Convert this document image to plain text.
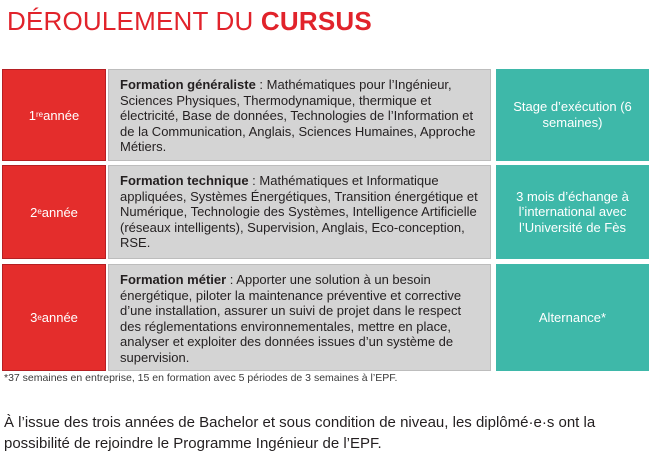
DÉROULEMENT DU CURSUS
1 re année
Formation généraliste : Mathématiques pour l’Ingénieur, Sciences Physiques, Thermodynamique, thermique et électricité, Base de données, Technologies de l’Information et de la Communication, Anglais, Sciences Humaines, Approche Métiers.
Stage d’exécution (6 semaines)
2 e année
Formation technique : Mathématiques et Informatique appliquées, Systèmes Énergétiques, Transition énergétique et Numérique, Technologie des Systèmes, Intelligence Artificielle (réseaux intelligents), Supervision, Anglais, Eco-conception, RSE.
3 mois d’échange à l’international avec l’Université de Fès
3 e année
Formation métier : Apporter une solution à un besoin énergétique, piloter la maintenance préventive et corrective d’une installation, assurer un suivi de projet dans le respect des réglementations environnementales, mettre en place, analyser et exploiter des données issues d’un système de supervision.
Alternance*

*37 semaines en entreprise, 15 en formation avec 5 périodes de 3 semaines à l’EPF.

À l’issue des trois années de Bachelor et sous condition de niveau, les diplômé·e·s ont la possibilité de rejoindre le Programme Ingénieur de l’EPF.
